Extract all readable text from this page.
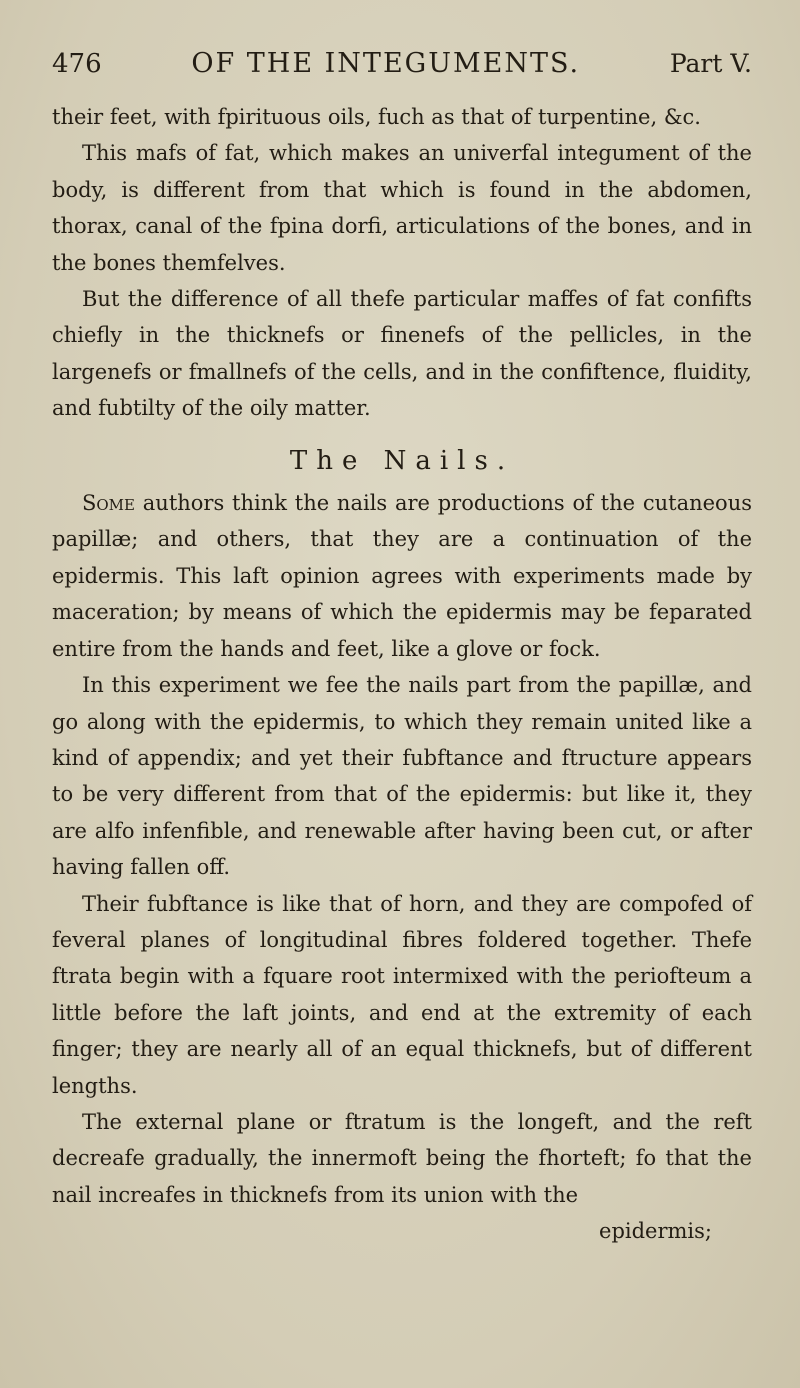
476	OF THE INTEGUMENTS.	Part V.

their feet, with fpirituous oils, fuch as that of turpentine, &c.

This mafs of fat, which makes an univerfal integument of the body, is different from that which is found in the abdomen, thorax, canal of the fpina dorfi, articulations of the bones, and in the bones themfelves.

But the difference of all thefe particular maffes of fat confifts chiefly in the thicknefs or finenefs of the pellicles, in the largenefs or fmallnefs of the cells, and in the confiftence, fluidity, and fubtilty of the oily matter.

The Nails.

Some authors think the nails are productions of the cutaneous papillæ; and others, that they are a continuation of the epidermis. This laft opinion agrees with experiments made by maceration; by means of which the epidermis may be feparated entire from the hands and feet, like a glove or fock.

In this experiment we fee the nails part from the papillæ, and go along with the epidermis, to which they remain united like a kind of appendix; and yet their fubftance and ftructure appears to be very different from that of the epidermis: but like it, they are alfo infenfible, and renewable after having been cut, or after having fallen off.

Their fubftance is like that of horn, and they are compofed of feveral planes of longitudinal fibres foldered together. Thefe ftrata begin with a fquare root intermixed with the periofteum a little before the laft joints, and end at the extremity of each finger; they are nearly all of an equal thicknefs, but of different lengths.

The external plane or ftratum is the longeft, and the reft decreafe gradually, the innermoft being the fhorteft; fo that the nail increafes in thicknefs from its union with the

epidermis;
